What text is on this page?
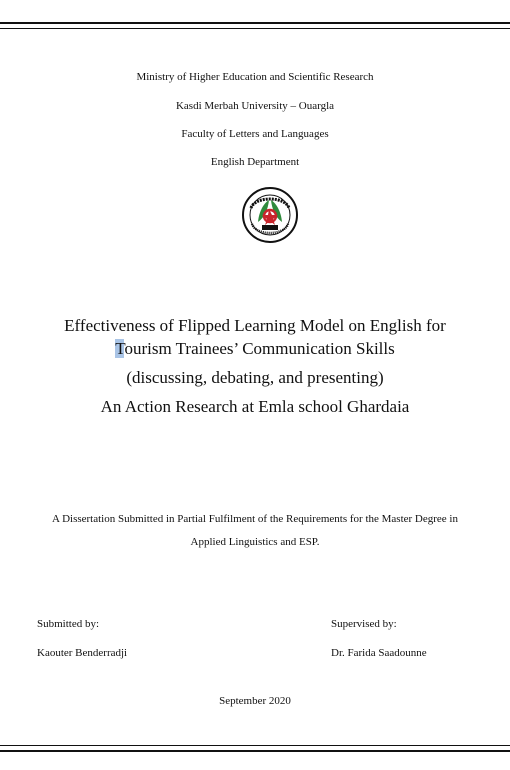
Ministry of Higher Education and Scientific Research
Kasdi Merbah University – Ouargla
Faculty of Letters and Languages
English Department
Effectiveness of Flipped Learning Model on English for
Tourism Trainees’ Communication Skills
(discussing, debating, and presenting)
An Action Research at Emla school Ghardaia
A Dissertation Submitted in Partial Fulfilment of the Requirements for the Master Degree in
Applied Linguistics and ESP.
Submitted by:
Kaouter Benderradji
Supervised by:
Dr. Farida Saadounne
September 2020
